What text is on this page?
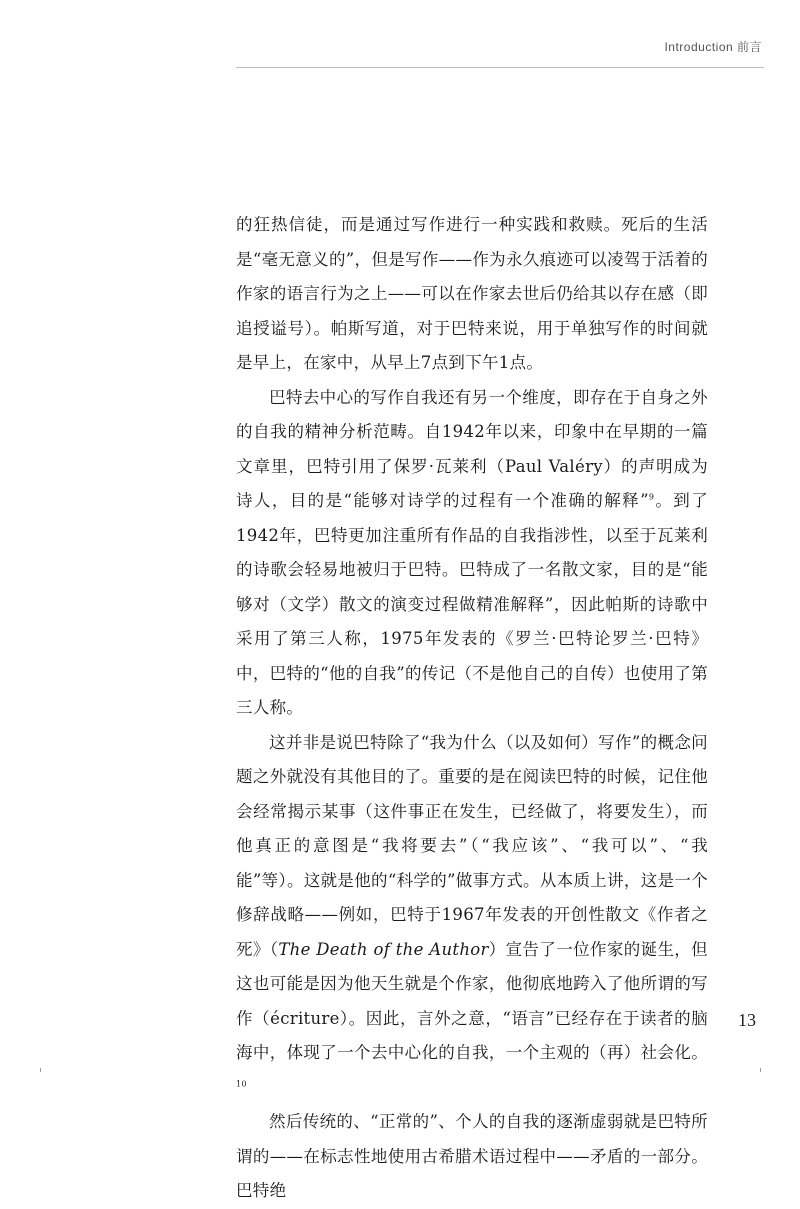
Introduction 前言

的狂热信徒，而是通过写作进行一种实践和救赎。死后的生活是“毫无意义的”，但是写作——作为永久痕迹可以凌驾于活着的作家的语言行为之上——可以在作家去世后仍给其以存在感（即追授谥号）。帕斯写道，对于巴特来说，用于单独写作的时间就是早上，在家中，从早上7点到下午1点。

巴特去中心的写作自我还有另一个维度，即存在于自身之外的自我的精神分析范畴。自1942年以来，印象中在早期的一篇文章里，巴特引用了保罗·瓦莱利（Paul Valéry）的声明成为诗人，目的是“能够对诗学的过程有一个准确的解释”$^9$。到了1942年，巴特更加注重所有作品的自我指涉性，以至于瓦莱利的诗歌会轻易地被归于巴特。巴特成了一名散文家，目的是“能够对（文学）散文的演变过程做精准解释”，因此帕斯的诗歌中采用了第三人称，1975年发表的《罗兰·巴特论罗兰·巴特》中，巴特的“他的自我”的传记（不是他自己的自传）也使用了第三人称。

这并非是说巴特除了“我为什么（以及如何）写作”的概念问题之外就没有其他目的了。重要的是在阅读巴特的时候，记住他会经常揭示某事（这件事正在发生，已经做了，将要发生），而他真正的意图是“我将要去”（“我应该”、“我可以”、“我能”等）。这就是他的“科学的”做事方式。从本质上讲，这是一个修辞战略——例如，巴特于1967年发表的开创性散文《作者之死》（The Death of the Author）宣告了一位作家的诞生，但这也可能是因为他天生就是个作家，他彻底地跨入了他所谓的写作（écriture）。因此，言外之意，“语言”已经存在于读者的脑海中，体现了一个去中心化的自我，一个主观的（再）社会化。$^{10}$

然后传统的、“正常的”、个人的自我的逐渐虚弱就是巴特所谓的——在标志性地使用古希腊术语过程中——矛盾的一部分。巴特绝

13
